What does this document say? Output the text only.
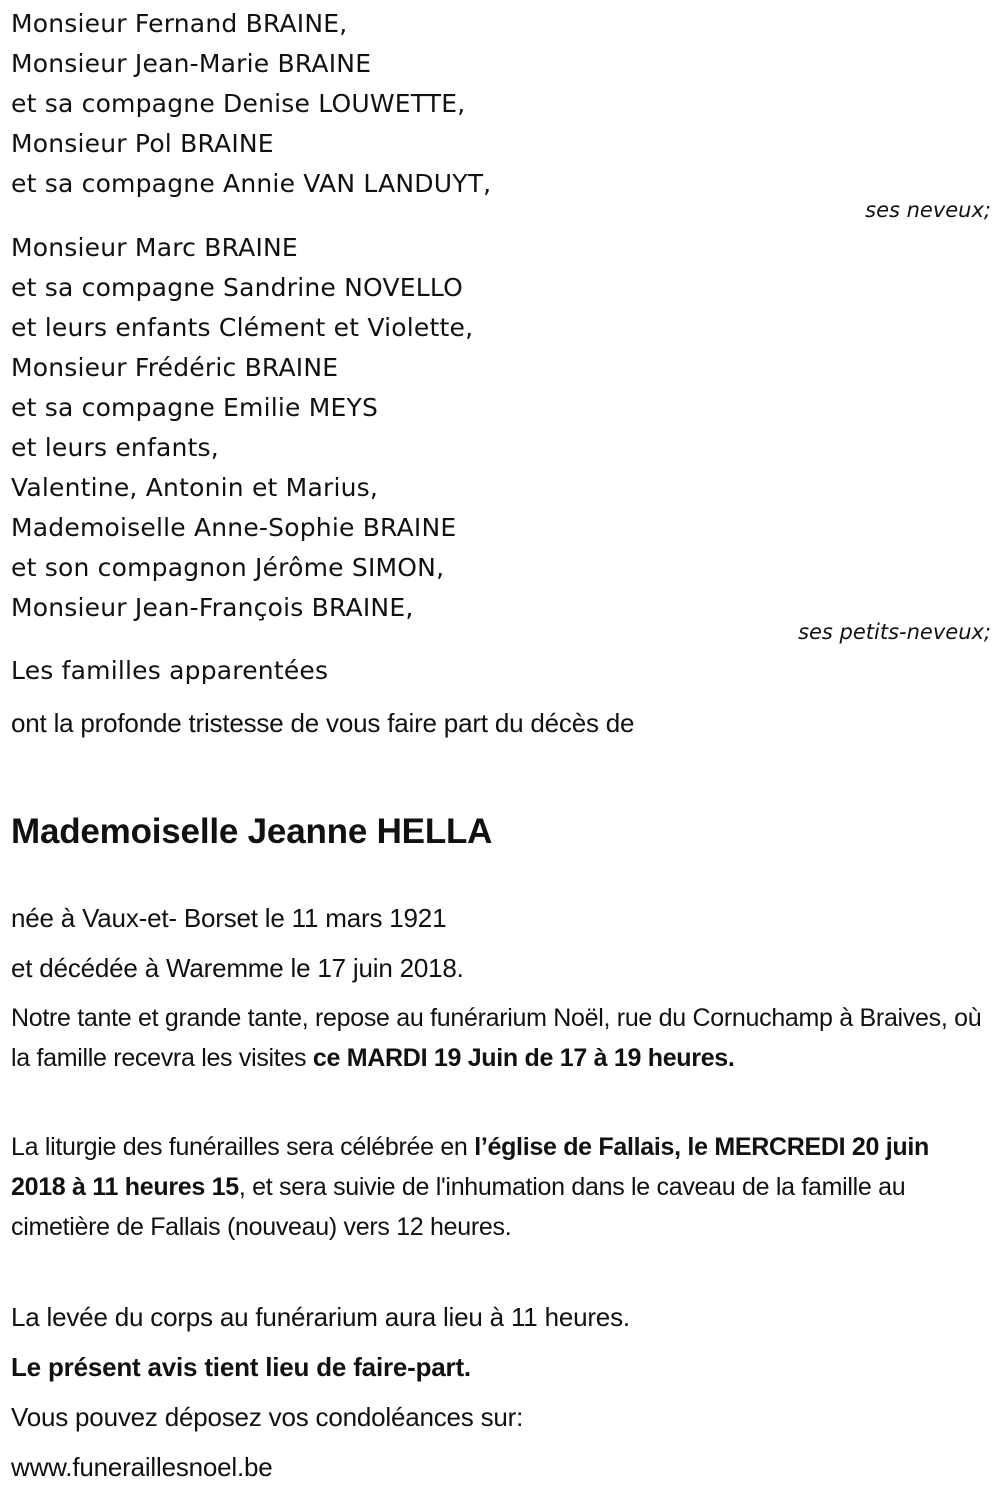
Monsieur Fernand BRAINE,
Monsieur Jean-Marie BRAINE
et sa compagne Denise LOUWETTE,
Monsieur Pol BRAINE
et sa compagne Annie VAN LANDUYT,
ses neveux;
Monsieur Marc BRAINE
et sa compagne Sandrine NOVELLO
et leurs enfants Clément et Violette,
Monsieur Frédéric BRAINE
et sa compagne Emilie MEYS
et leurs enfants,
Valentine, Antonin et Marius,
Mademoiselle Anne-Sophie BRAINE
et son compagnon Jérôme SIMON,
Monsieur Jean-François BRAINE,
ses petits-neveux;
Les familles apparentées
ont la profonde tristesse de vous faire part du décès de
Mademoiselle Jeanne HELLA
née à Vaux-et- Borset le 11 mars 1921
et décédée à Waremme le 17 juin 2018.
Notre tante et grande tante, repose au funérarium Noël, rue du Cornuchamp à Braives, où la famille recevra les visites ce MARDI 19 Juin de 17 à 19 heures.
La liturgie des funérailles sera célébrée en l’église de Fallais, le MERCREDI 20 juin 2018 à 11 heures 15, et sera suivie de l'inhumation dans le caveau de la famille au cimetière de Fallais (nouveau) vers 12 heures.
La levée du corps au funérarium aura lieu à 11 heures.
Le présent avis tient lieu de faire-part.
Vous pouvez déposez vos condoléances sur:
www.funeraillesnoel.be
